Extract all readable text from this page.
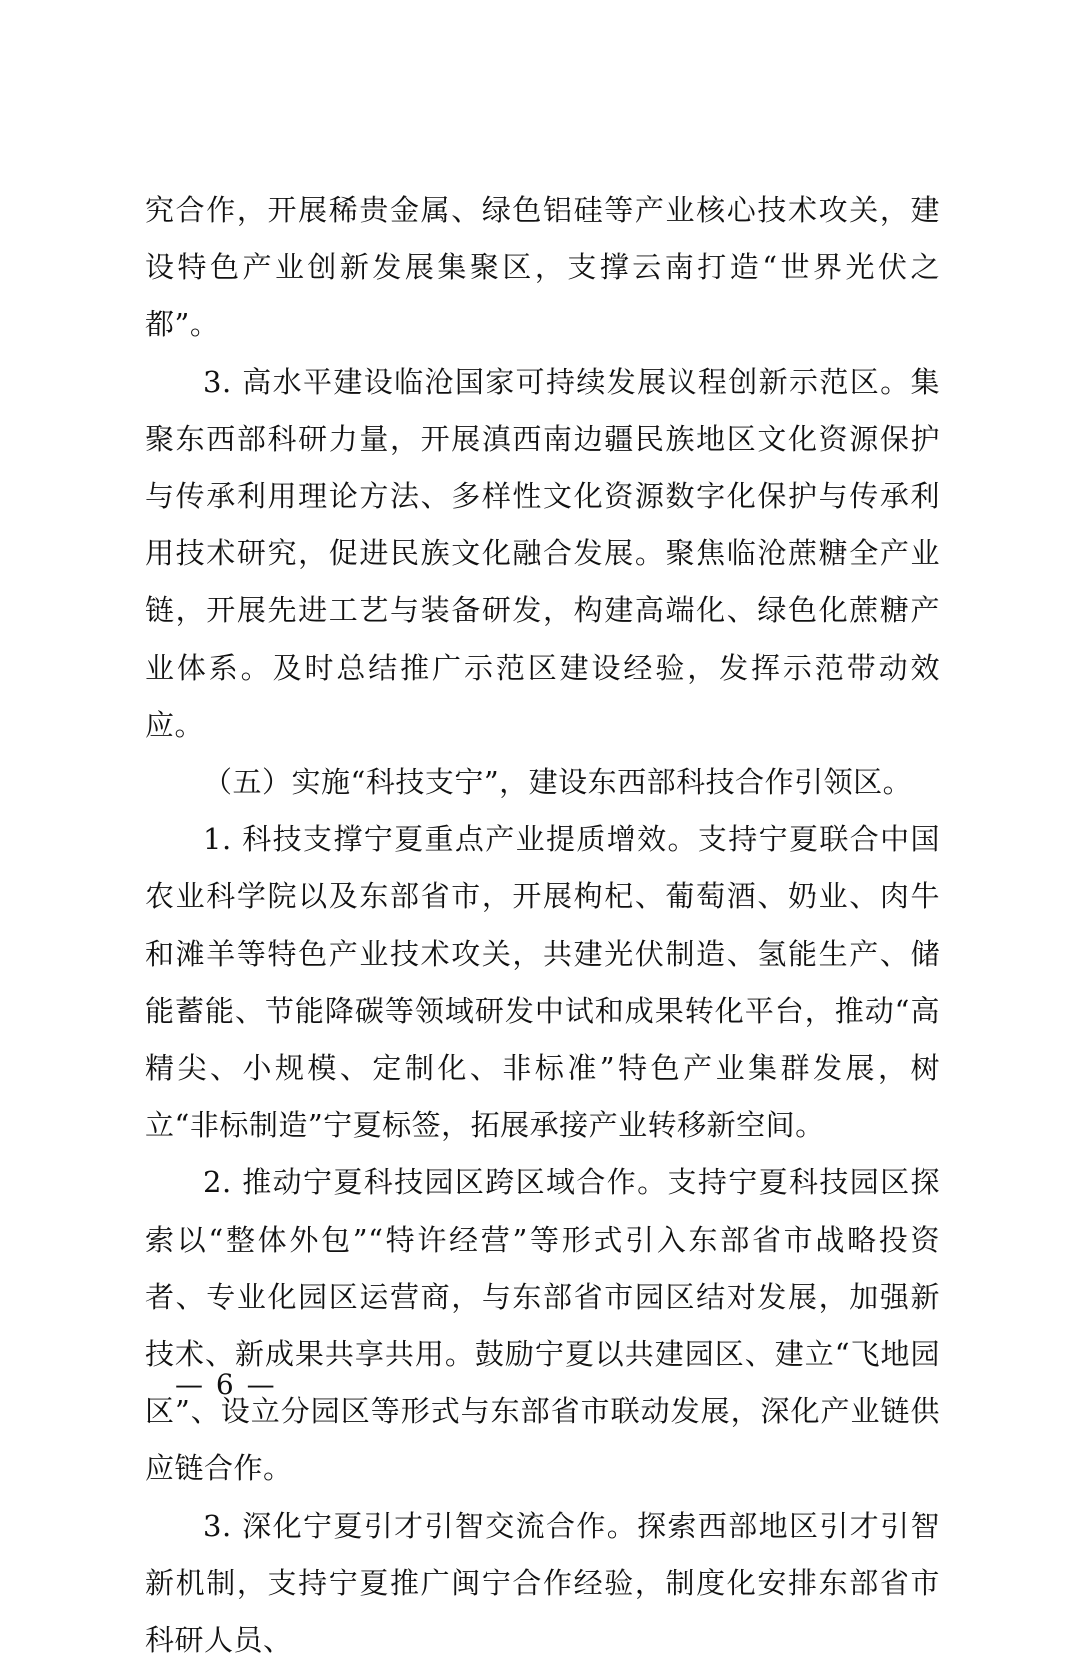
究合作，开展稀贵金属、绿色铝硅等产业核心技术攻关，建设特色产业创新发展集聚区，支撑云南打造“世界光伏之都”。

3. 高水平建设临沧国家可持续发展议程创新示范区。集聚东西部科研力量，开展滇西南边疆民族地区文化资源保护与传承利用理论方法、多样性文化资源数字化保护与传承利用技术研究，促进民族文化融合发展。聚焦临沧蔗糖全产业链，开展先进工艺与装备研发，构建高端化、绿色化蔗糖产业体系。及时总结推广示范区建设经验，发挥示范带动效应。

（五）实施“科技支宁”，建设东西部科技合作引领区。

1. 科技支撑宁夏重点产业提质增效。支持宁夏联合中国农业科学院以及东部省市，开展枸杞、葡萄酒、奶业、肉牛和滩羊等特色产业技术攻关，共建光伏制造、氢能生产、储能蓄能、节能降碳等领域研发中试和成果转化平台，推动“高精尖、小规模、定制化、非标准”特色产业集群发展，树立“非标制造”宁夏标签，拓展承接产业转移新空间。

2. 推动宁夏科技园区跨区域合作。支持宁夏科技园区探索以“整体外包”“特许经营”等形式引入东部省市战略投资者、专业化园区运营商，与东部省市园区结对发展，加强新技术、新成果共享共用。鼓励宁夏以共建园区、建立“飞地园区”、设立分园区等形式与东部省市联动发展，深化产业链供应链合作。

3. 深化宁夏引才引智交流合作。探索西部地区引才引智新机制，支持宁夏推广闽宁合作经验，制度化安排东部省市科研人员、

— 6 —
